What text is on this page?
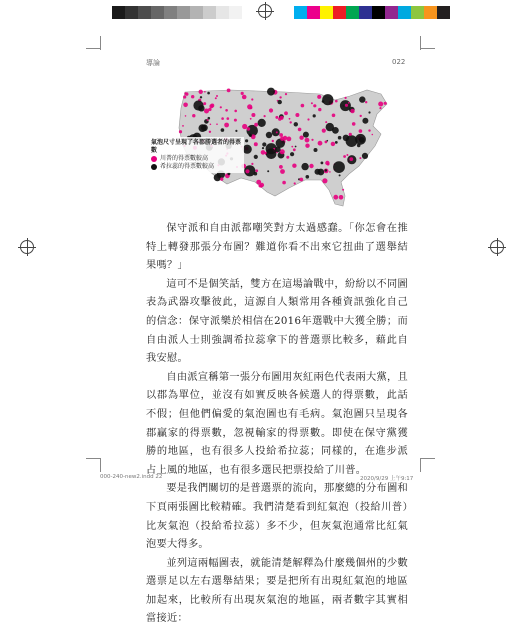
導論	022
氣泡尺寸呈現了各郡勝選者的得票數
川普的得票數較高
希拉蕊的得票數較高

保守派和自由派都嘲笑對方太過感蠢。「你怎會在推特上轉發那張分布圖？難道你看不出來它扭曲了選舉結果嗎？」

這可不是個笑話，雙方在這場論戰中，紛紛以不同圖表為武器攻擊彼此，這源自人類常用各種資訊強化自己的信念：保守派樂於相信在2016年選戰中大獲全勝；而自由派人士則強調希拉蕊拿下的普選票比較多，藉此自我安慰。

自由派宣稱第一張分布圖用灰紅兩色代表兩大黨，且以郡為單位，並沒有如實反映各候選人的得票數，此話不假；但他們偏愛的氣泡圖也有毛病。氣泡圖只呈現各郡贏家的得票數，忽視輸家的得票數。即使在保守黨獲勝的地區，也有很多人投給希拉蕊；同樣的，在進步派占上風的地區，也有很多選民把票投給了川普。

要是我們關切的是普選票的流向，那麼總的分布圖和下頁兩張圖比較精確。我們清楚看到紅氣泡（投給川普）比灰氣泡（投給希拉蕊）多不少，但灰氣泡通常比紅氣泡要大得多。

並列這兩幅圖表，就能清楚解釋為什麼幾個州的少數選票足以左右選舉結果；要是把所有出現紅氣泡的地區加起來，比較所有出現灰氣泡的地區，兩者數字其實相當接近：

000-240-new2.indd 22	2020/9/29 上午9:17
